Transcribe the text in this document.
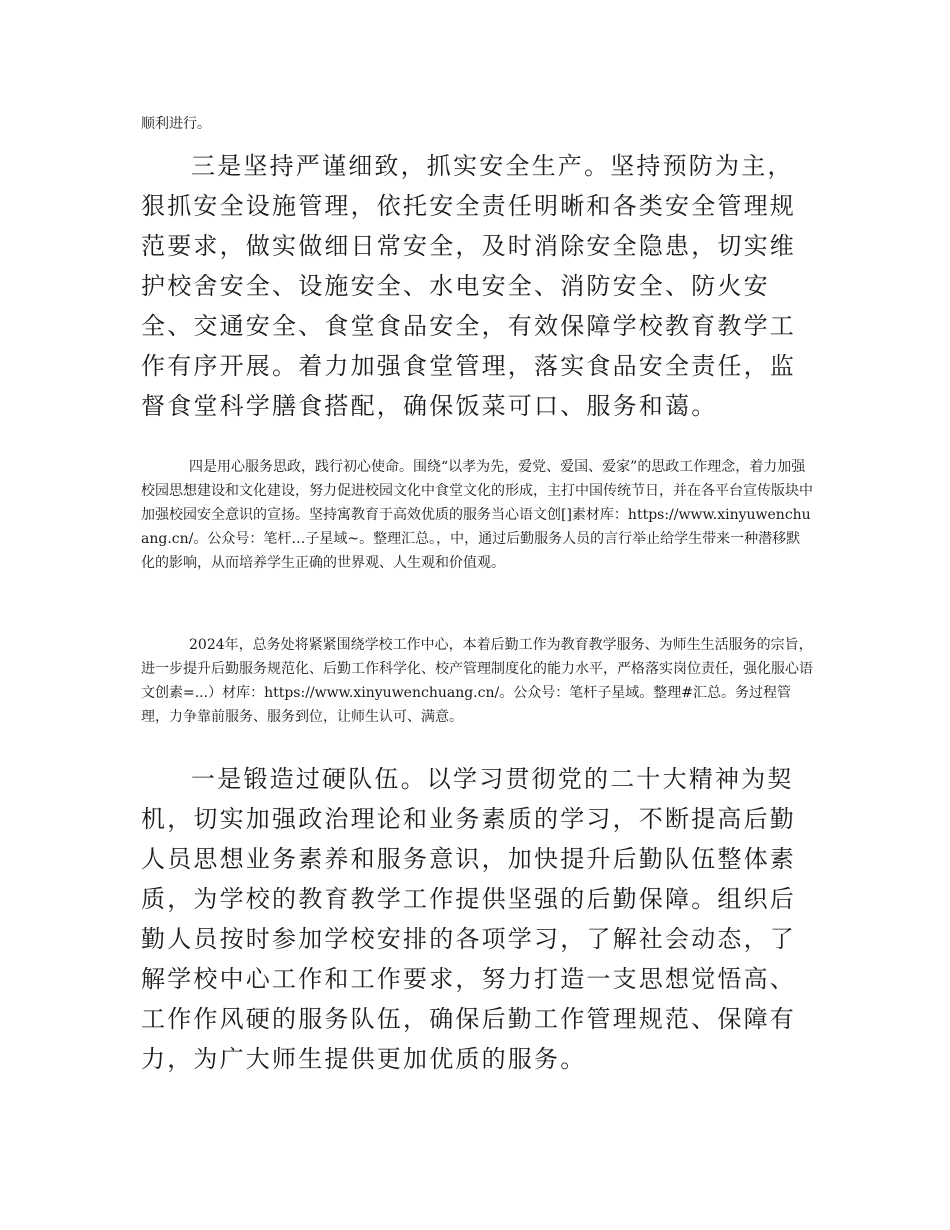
顺利进行。

三是坚持严谨细致，抓实安全生产。坚持预防为主，狠抓安全设施管理，依托安全责任明晰和各类安全管理规范要求，做实做细日常安全，及时消除安全隐患，切实维护校舍安全、设施安全、水电安全、消防安全、防火安全、交通安全、食堂食品安全，有效保障学校教育教学工作有序开展。着力加强食堂管理，落实食品安全责任，监督食堂科学膳食搭配，确保饭菜可口、服务和蔼。

四是用心服务思政，践行初心使命。围绕“以孝为先，爱党、爱国、爱家”的思政工作理念，着力加强校园思想建设和文化建设，努力促进校园文化中食堂文化的形成，主打中国传统节日，并在各平台宣传版块中加强校园安全意识的宣扬。坚持寓教育于高效优质的服务当心语文创[]素材库：https://www.xinyuwenchuang.cn/。公众号：笔杆…子星域~。整理汇总。，中，通过后勤服务人员的言行举止给学生带来一种潜移默化的影响，从而培养学生正确的世界观、人生观和价值观。

2024年，总务处将紧紧围绕学校工作中心，本着后勤工作为教育教学服务、为师生生活服务的宗旨，进一步提升后勤服务规范化、后勤工作科学化、校产管理制度化的能力水平，严格落实岗位责任，强化服心语文创素=...）材库：https://www.xinyuwenchuang.cn/。公众号：笔杆子星域。整理#汇总。务过程管理，力争靠前服务、服务到位，让师生认可、满意。

一是锻造过硬队伍。以学习贯彻党的二十大精神为契机，切实加强政治理论和业务素质的学习，不断提高后勤人员思想业务素养和服务意识，加快提升后勤队伍整体素质，为学校的教育教学工作提供坚强的后勤保障。组织后勤人员按时参加学校安排的各项学习，了解社会动态，了解学校中心工作和工作要求，努力打造一支思想觉悟高、工作作风硬的服务队伍，确保后勤工作管理规范、保障有力，为广大师生提供更加优质的服务。
